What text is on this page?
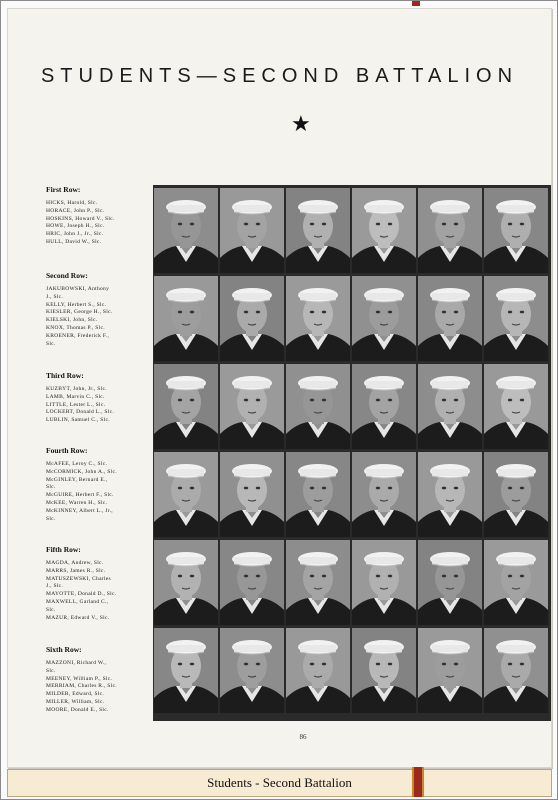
STUDENTS—SECOND BATTALION
★
First Row:
HICKS, Harold, Slc.
HORACE, John P., Slc.
HOSKINS, Howard V., Slc.
HOWE, Joseph H., Slc.
HRIC, John J., Jr., Slc.
HULL, David W., Slc.
Second Row:
JAKUBOWSKI, Anthony
J., Slc.
KELLY, Herbert S., Slc.
KIESLER, George H., Slc.
KIELSKI, John, Slc.
KNOX, Thomas P., Slc.
KROENER, Frederick F.,
Slc.
Third Row:
KUZBYT, John, Jr., Slc.
LAMB, Marvin C., Slc.
LITTLE, Lester L., Slc.
LOCKERT, Donald L., Slc.
LUBLIN, Samuel C., Slc.
Fourth Row:
McAFEE, Leroy C., Slc.
McCORMICK, John A., Slc.
McGINLEY, Bernard E.,
Slc.
McGUIRE, Herbert F., Slc.
McKEE, Warren H., Slc.
McKINNEY, Albert L., Jr.,
Slc.
Fifth Row:
MAGDA, Andrew, Slc.
MARRS, James R., Slc.
MATUSZEWSKI, Charles
J., Slc.
MAYOTTE, Donald D., Slc.
MAXWELL, Garland C.,
Slc.
MAZUR, Edward V., Slc.
Sixth Row:
MAZZONI, Richard W.,
Slc.
MEENEY, William P., Slc.
MERRIAM, Charles R., Slc.
MILDER, Edward, Slc.
MILLER, William, Slc.
MOORE, Donald E., Slc.
86
Students - Second Battalion
